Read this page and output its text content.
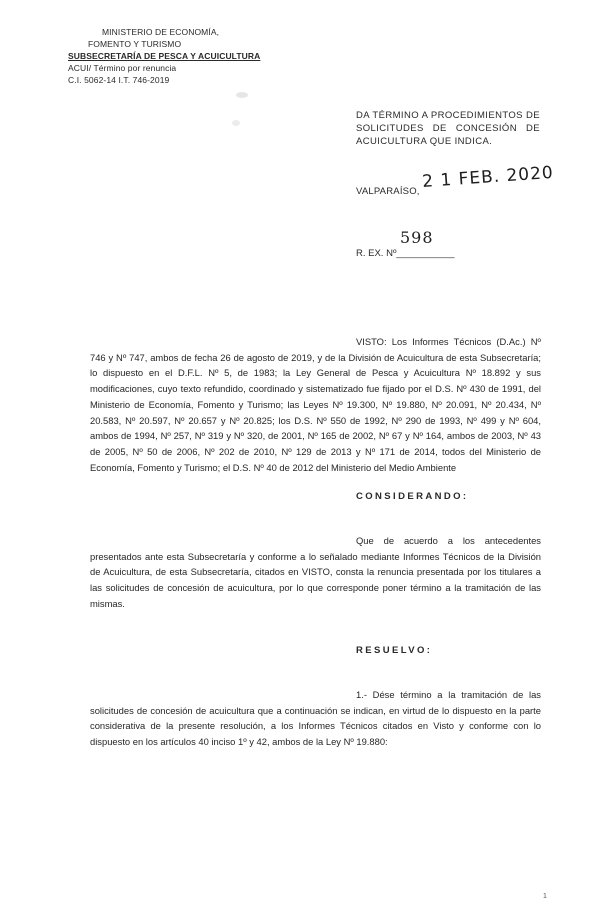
MINISTERIO DE ECONOMÍA,
FOMENTO Y TURISMO
SUBSECRETARÍA DE PESCA Y ACUICULTURA
ACUI/ Término por renuncia
C.I. 5062-14 I.T. 746-2019
DA TÉRMINO A PROCEDIMIENTOS DE SOLICITUDES DE CONCESIÓN DE ACUICULTURA QUE INDICA.
VALPARAÍSO, 2 1 FEB. 2020
598
R. EX. Nº___________
VISTO: Los Informes Técnicos (D.Ac.) Nº 746 y Nº 747, ambos de fecha 26 de agosto de 2019, y de la División de Acuicultura de esta Subsecretaría; lo dispuesto en el D.F.L. Nº 5, de 1983; la Ley General de Pesca y Acuicultura Nº 18.892 y sus modificaciones, cuyo texto refundido, coordinado y sistematizado fue fijado por el D.S. Nº 430 de 1991, del Ministerio de Economía, Fomento y Turismo; las Leyes Nº 19.300, Nº 19.880, Nº 20.091, Nº 20.434, Nº 20.583, Nº 20.597, Nº 20.657 y Nº 20.825; los D.S. Nº 550 de 1992, Nº 290 de 1993, Nº 499 y Nº 604, ambos de 1994, Nº 257, Nº 319 y Nº 320, de 2001, Nº 165 de 2002, Nº 67 y Nº 164, ambos de 2003, Nº 43 de 2005, Nº 50 de 2006, Nº 202 de 2010, Nº 129 de 2013 y Nº 171 de 2014, todos del Ministerio de Economía, Fomento y Turismo; el D.S. Nº 40 de 2012 del Ministerio del Medio Ambiente
CONSIDERANDO:
Que de acuerdo a los antecedentes presentados ante esta Subsecretaría y conforme a lo señalado mediante Informes Técnicos de la División de Acuicultura, de esta Subsecretaría, citados en VISTO, consta la renuncia presentada por los titulares a las solicitudes de concesión de acuicultura, por lo que corresponde poner término a la tramitación de las mismas.
RESUELVO:
1.- Dése término a la tramitación de las solicitudes de concesión de acuicultura que a continuación se indican, en virtud de lo dispuesto en la parte considerativa de la presente resolución, a los Informes Técnicos citados en Visto y conforme con lo dispuesto en los artículos 40 inciso 1º y 42, ambos de la Ley Nº 19.880:
1
